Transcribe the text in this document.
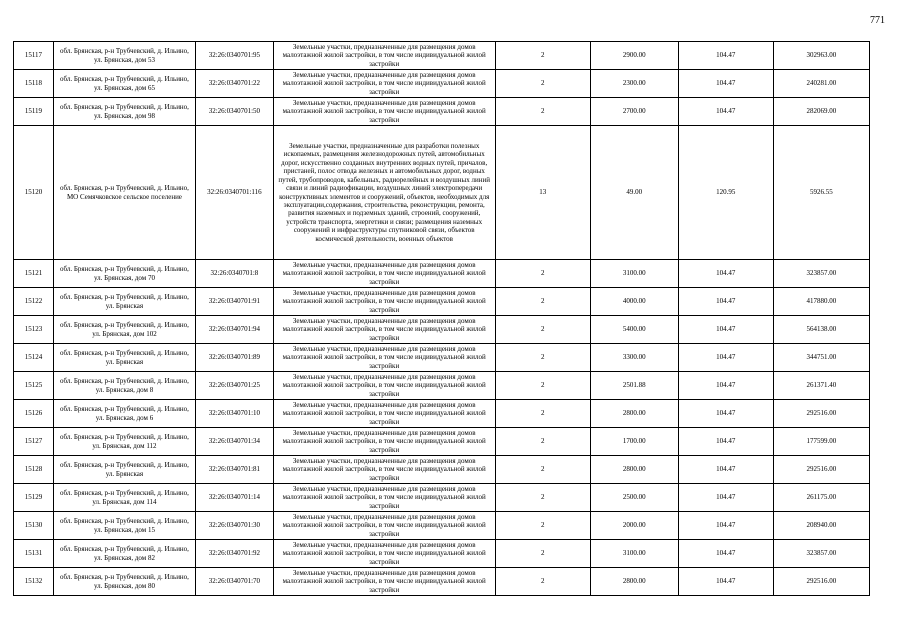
771
15117	обл. Брянская, р-н Трубчевский, д. Ильино, ул. Брянская, дом 53	32:26:0340701:95	Земельные участки, предназначенные для размещения домов малоэтажной жилой застройки, в том числе индивидуальной жилой застройки	2	2900.00	104.47	302963.00
15118	обл. Брянская, р-н Трубчевский, д. Ильино, ул. Брянская, дом 65	32:26:0340701:22	Земельные участки, предназначенные для размещения домов малоэтажной жилой застройки, в том числе индивидуальной жилой застройки	2	2300.00	104.47	240281.00
15119	обл. Брянская, р-н Трубчевский, д. Ильино, ул. Брянская, дом 98	32:26:0340701:50	Земельные участки, предназначенные для размещения домов малоэтажной жилой застройки, в том числе индивидуальной жилой застройки	2	2700.00	104.47	282069.00
15120	обл. Брянская, р-н Трубчевский, д. Ильино, МО Семячковское сельское поселение	32:26:0340701:116	Земельные участки, предназначенные для разработки полезных ископаемых, размещения железнодорожных путей, автомобильных дорог, искусственно созданных внутренних водных путей, причалов, пристаней, полос отвода железных и автомобильных дорог, водных путей, трубопроводов, кабельных, радиорелейных и воздушных линий связи и линий радиофикации, воздушных линий электропередачи конструктивных элементов и сооружений, объектов, необходимых для эксплуатации,содержания, строительства, реконструкции, ремонта, развития наземных и подземных зданий, строений, сооружений, устройств транспорта, энергетики и связи; размещения наземных сооружений и инфраструктуры спутниковой связи, объектов космической деятельности, военных объектов	13	49.00	120.95	5926.55
15121	обл. Брянская, р-н Трубчевский, д. Ильино, ул. Брянская, дом 70	32:26:0340701:8	Земельные участки, предназначенные для размещения домов малоэтажной жилой застройки, в том числе индивидуальной жилой застройки	2	3100.00	104.47	323857.00
15122	обл. Брянская, р-н Трубчевский, д. Ильино, ул. Брянская	32:26:0340701:91	Земельные участки, предназначенные для размещения домов малоэтажной жилой застройки, в том числе индивидуальной жилой застройки	2	4000.00	104.47	417880.00
15123	обл. Брянская, р-н Трубчевский, д. Ильино, ул. Брянская, дом 102	32:26:0340701:94	Земельные участки, предназначенные для размещения домов малоэтажной жилой застройки, в том числе индивидуальной жилой застройки	2	5400.00	104.47	564138.00
15124	обл. Брянская, р-н Трубчевский, д. Ильино, ул. Брянская	32:26:0340701:89	Земельные участки, предназначенные для размещения домов малоэтажной жилой застройки, в том числе индивидуальной жилой застройки	2	3300.00	104.47	344751.00
15125	обл. Брянская, р-н Трубчевский, д. Ильино, ул. Брянская, дом 8	32:26:0340701:25	Земельные участки, предназначенные для размещения домов малоэтажной жилой застройки, в том числе индивидуальной жилой застройки	2	2501.88	104.47	261371.40
15126	обл. Брянская, р-н Трубчевский, д. Ильино, ул. Брянская, дом 6	32:26:0340701:10	Земельные участки, предназначенные для размещения домов малоэтажной жилой застройки, в том числе индивидуальной жилой застройки	2	2800.00	104.47	292516.00
15127	обл. Брянская, р-н Трубчевский, д. Ильино, ул. Брянская, дом 112	32:26:0340701:34	Земельные участки, предназначенные для размещения домов малоэтажной жилой застройки, в том числе индивидуальной жилой застройки	2	1700.00	104.47	177599.00
15128	обл. Брянская, р-н Трубчевский, д. Ильино, ул. Брянская	32:26:0340701:81	Земельные участки, предназначенные для размещения домов малоэтажной жилой застройки, в том числе индивидуальной жилой застройки	2	2800.00	104.47	292516.00
15129	обл. Брянская, р-н Трубчевский, д. Ильино, ул. Брянская, дом 114	32:26:0340701:14	Земельные участки, предназначенные для размещения домов малоэтажной жилой застройки, в том числе индивидуальной жилой застройки	2	2500.00	104.47	261175.00
15130	обл. Брянская, р-н Трубчевский, д. Ильино, ул. Брянская, дом 15	32:26:0340701:30	Земельные участки, предназначенные для размещения домов малоэтажной жилой застройки, в том числе индивидуальной жилой застройки	2	2000.00	104.47	208940.00
15131	обл. Брянская, р-н Трубчевский, д. Ильино, ул. Брянская, дом 82	32:26:0340701:92	Земельные участки, предназначенные для размещения домов малоэтажной жилой застройки, в том числе индивидуальной жилой застройки	2	3100.00	104.47	323857.00
15132	обл. Брянская, р-н Трубчевский, д. Ильино, ул. Брянская, дом 80	32:26:0340701:70	Земельные участки, предназначенные для размещения домов малоэтажной жилой застройки, в том числе индивидуальной жилой застройки	2	2800.00	104.47	292516.00
